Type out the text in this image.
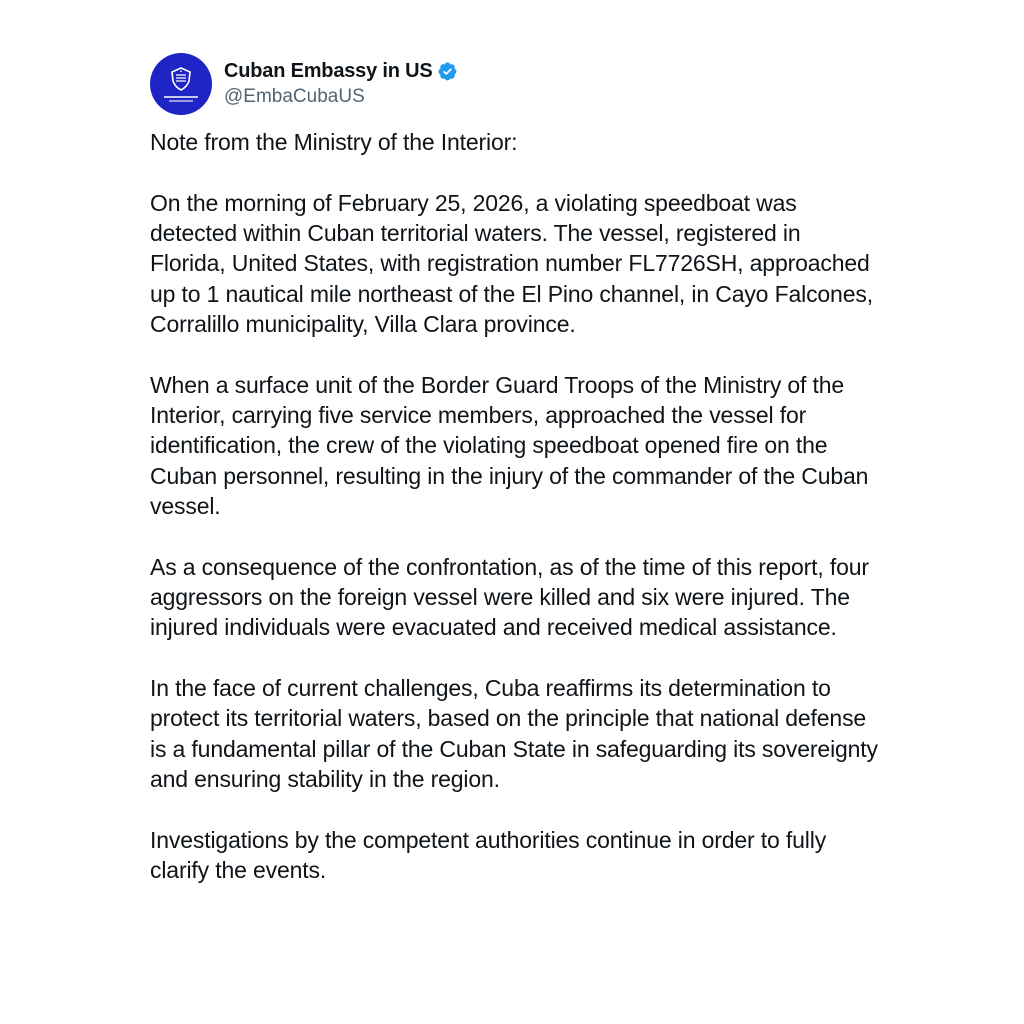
Cuban Embassy in US
@EmbaCubaUS

Note from the Ministry of the Interior:

On the morning of February 25, 2026, a violating speedboat was detected within Cuban territorial waters. The vessel, registered in Florida, United States, with registration number FL7726SH, approached up to 1 nautical mile northeast of the El Pino channel, in Cayo Falcones, Corralillo municipality, Villa Clara province.

When a surface unit of the Border Guard Troops of the Ministry of the Interior, carrying five service members, approached the vessel for identification, the crew of the violating speedboat opened fire on the Cuban personnel, resulting in the injury of the commander of the Cuban vessel.

As a consequence of the confrontation, as of the time of this report, four aggressors on the foreign vessel were killed and six were injured. The injured individuals were evacuated and received medical assistance.

In the face of current challenges, Cuba reaffirms its determination to protect its territorial waters, based on the principle that national defense is a fundamental pillar of the Cuban State in safeguarding its sovereignty and ensuring stability in the region.

Investigations by the competent authorities continue in order to fully clarify the events.
